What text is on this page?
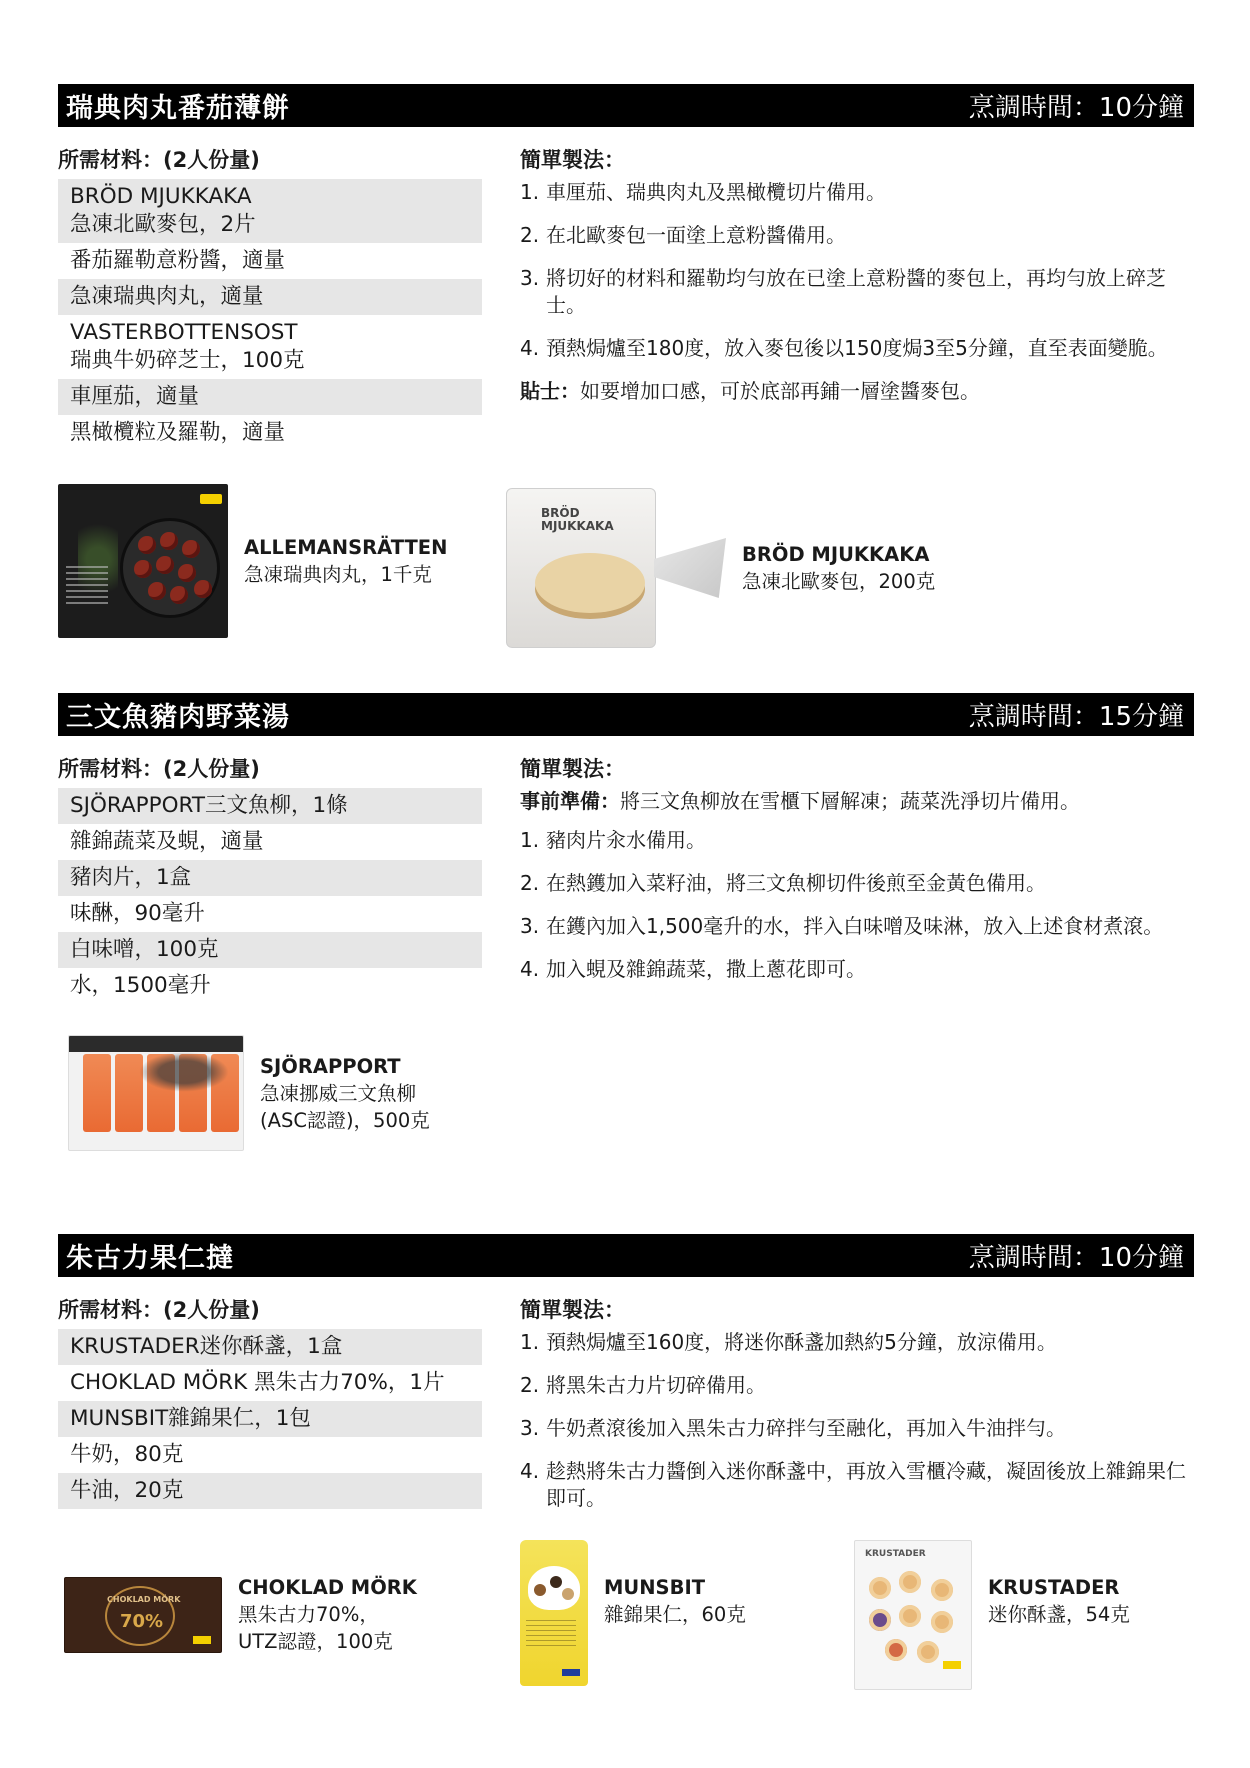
瑞典肉丸番茄薄餅	烹調時間：10分鐘
所需材料：(2人份量)
BRÖD MJUKKAKA
急凍北歐麥包，2片
番茄羅勒意粉醬，適量
急凍瑞典肉丸，適量
VASTERBOTTENSOST
瑞典牛奶碎芝士，100克
車厘茄，適量
黑橄欖粒及羅勒，適量
簡單製法：
1. 車厘茄、瑞典肉丸及黑橄欖切片備用。
2. 在北歐麥包一面塗上意粉醬備用。
3. 將切好的材料和羅勒均勻放在已塗上意粉醬的麥包上，再均勻放上碎芝士。
4. 預熱焗爐至180度，放入麥包後以150度焗3至5分鐘，直至表面變脆。

貼士：如要增加口感，可於底部再鋪一層塗醬麥包。

ALLEMANSRÄTTEN
急凍瑞典肉丸，1千克
BRÖD
MJUKKAKA
BRÖD MJUKKAKA
急凍北歐麥包，200克
三文魚豬肉野菜湯	烹調時間：15分鐘
所需材料：(2人份量)
SJÖRAPPORT三文魚柳，1條
雜錦蔬菜及蜆，適量
豬肉片，1盒
味醂，90毫升
白味噌，100克
水，1500毫升
簡單製法：

事前準備：將三文魚柳放在雪櫃下層解凍；蔬菜洗淨切片備用。

1. 豬肉片汆水備用。
2. 在熱鑊加入菜籽油，將三文魚柳切件後煎至金黃色備用。
3. 在鑊內加入1,500毫升的水，拌入白味噌及味淋，放入上述食材煮滾。
4. 加入蜆及雜錦蔬菜，撒上蔥花即可。
SJÖRAPPORT
急凍挪威三文魚柳
(ASC認證)，500克
朱古力果仁撻	烹調時間：10分鐘
所需材料：(2人份量)
KRUSTADER迷你酥盞，1盒
CHOKLAD MÖRK 黑朱古力70%，1片
MUNSBIT雜錦果仁，1包
牛奶，80克
牛油，20克
簡單製法：
1. 預熱焗爐至160度，將迷你酥盞加熱約5分鐘，放涼備用。
2. 將黑朱古力片切碎備用。
3. 牛奶煮滾後加入黑朱古力碎拌勻至融化，再加入牛油拌勻。
4. 趁熱將朱古力醬倒入迷你酥盞中，再放入雪櫃冷藏，凝固後放上雜錦果仁即可。
CHOKLAD MÖRK
70%
CHOKLAD MÖRK
黑朱古力70%，
UTZ認證，100克
MUNSBIT
雜錦果仁，60克
KRUSTADER
KRUSTADER
迷你酥盞，54克
